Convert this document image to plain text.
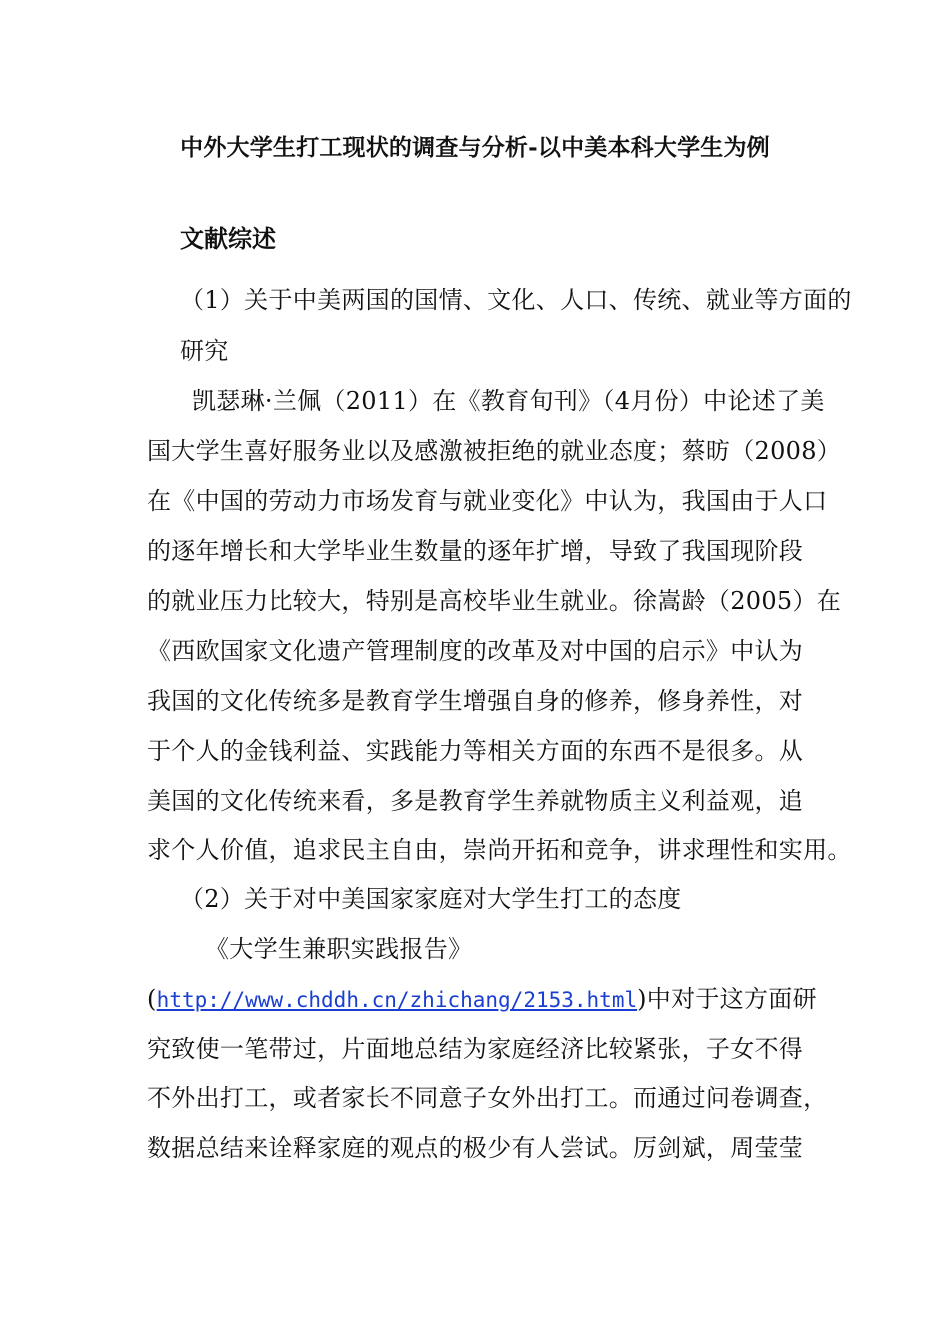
中外大学生打工现状的调查与分析-以中美本科大学生为例
文献综述
（1）关于中美两国的国情、文化、人口、传统、就业等方面的
研究
凯瑟琳·兰佩（2011）在《教育旬刊》（4月份）中论述了美
国大学生喜好服务业以及感激被拒绝的就业态度；蔡昉（2008）
在《中国的劳动力市场发育与就业变化》中认为，我国由于人口
的逐年增长和大学毕业生数量的逐年扩增，导致了我国现阶段
的就业压力比较大，特别是高校毕业生就业。徐嵩龄（2005）在
《西欧国家文化遗产管理制度的改革及对中国的启示》中认为
我国的文化传统多是教育学生增强自身的修养，修身养性，对
于个人的金钱利益、实践能力等相关方面的东西不是很多。从
美国的文化传统来看，多是教育学生养就物质主义利益观，追
求个人价值，追求民主自由，崇尚开拓和竞争，讲求理性和实用。
（2）关于对中美国家家庭对大学生打工的态度
《大学生兼职实践报告》
(http://www.chddh.cn/zhichang/2153.html)中对于这方面研
究致使一笔带过，片面地总结为家庭经济比较紧张，子女不得
不外出打工，或者家长不同意子女外出打工。而通过问卷调查，
数据总结来诠释家庭的观点的极少有人尝试。厉剑斌，周莹莹
